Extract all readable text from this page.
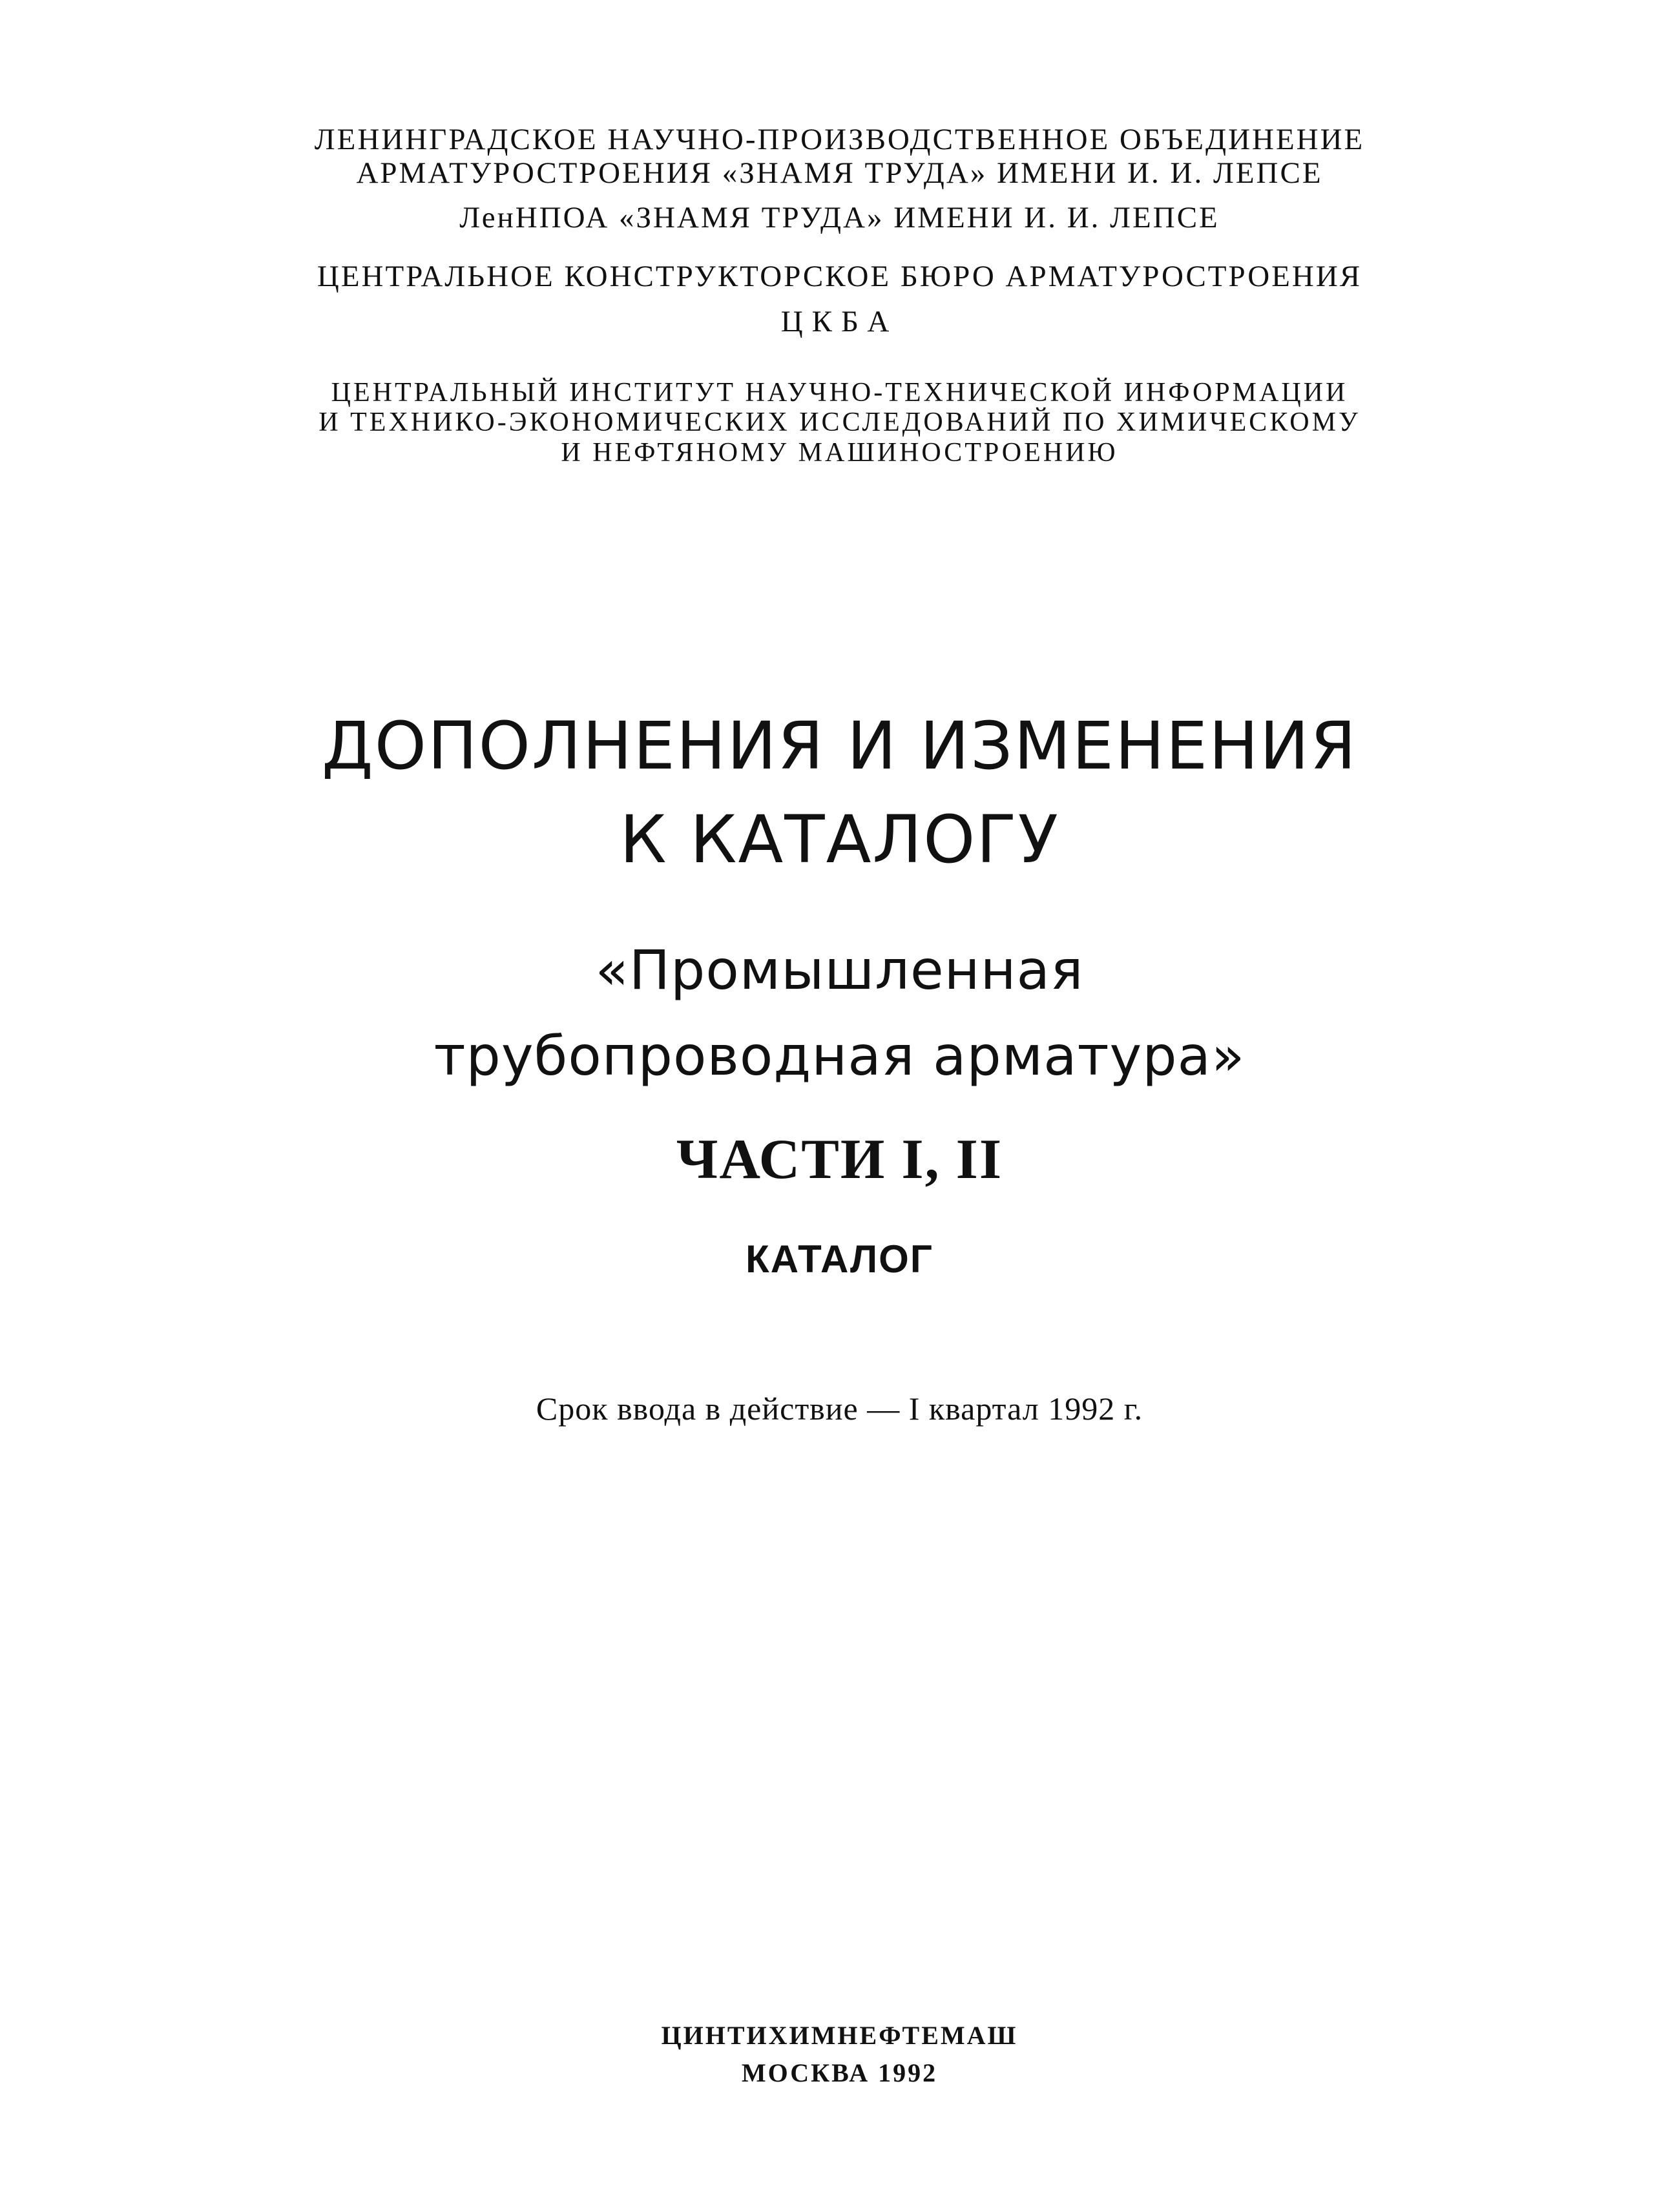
ЛЕНИНГРАДСКОЕ НАУЧНО-ПРОИЗВОДСТВЕННОЕ ОБЪЕДИНЕНИЕ
АРМАТУРОСТРОЕНИЯ «ЗНАМЯ ТРУДА» ИМЕНИ И. И. ЛЕПСЕ
ЛенНПОА «ЗНАМЯ ТРУДА» ИМЕНИ И. И. ЛЕПСЕ
ЦЕНТРАЛЬНОЕ КОНСТРУКТОРСКОЕ БЮРО АРМАТУРОСТРОЕНИЯ
ЦКБА
ЦЕНТРАЛЬНЫЙ ИНСТИТУТ НАУЧНО-ТЕХНИЧЕСКОЙ ИНФОРМАЦИИ
И ТЕХНИКО-ЭКОНОМИЧЕСКИХ ИССЛЕДОВАНИЙ ПО ХИМИЧЕСКОМУ
И НЕФТЯНОМУ МАШИНОСТРОЕНИЮ
ДОПОЛНЕНИЯ И ИЗМЕНЕНИЯ
К КАТАЛОГУ
«Промышленная
трубопроводная арматура»
ЧАСТИ I, II
КАТАЛОГ
Срок ввода в действие — I квартал 1992 г.
ЦИНТИХИМНЕФТЕМАШ
МОСКВА 1992
